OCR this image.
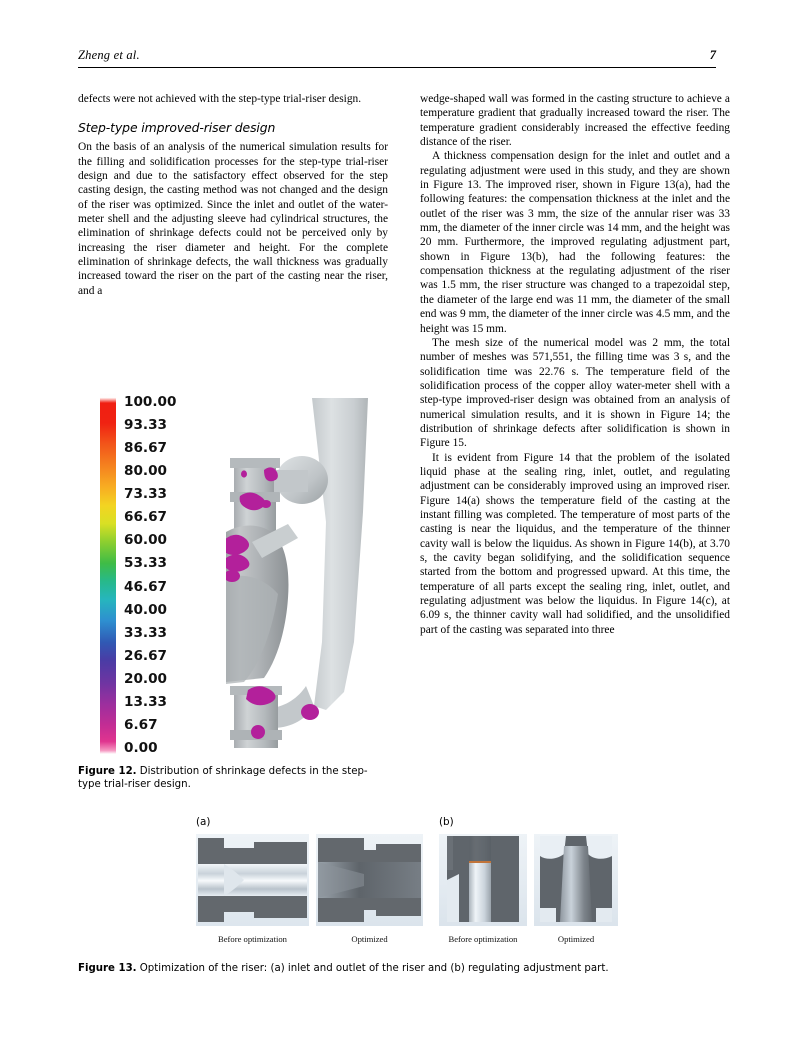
Zheng et al.	7

defects were not achieved with the step-type trial-riser design.

Step-type improved-riser design

On the basis of an analysis of the numerical simulation results for the filling and solidification processes for the step-type trial-riser design and due to the satisfactory effect observed for the step casting design, the casting method was not changed and the design of the riser was optimized. Since the inlet and outlet of the water-meter shell and the adjusting sleeve had cylindrical structures, the elimination of shrinkage defects could not be perceived only by increasing the riser diameter and height. For the complete elimination of shrinkage defects, the wall thickness was gradually increased toward the riser on the part of the casting near the riser, and a

wedge-shaped wall was formed in the casting structure to achieve a temperature gradient that gradually increased toward the riser. The temperature gradient considerably increased the effective feeding distance of the riser.

A thickness compensation design for the inlet and outlet and a regulating adjustment were used in this study, and they are shown in Figure 13. The improved riser, shown in Figure 13(a), had the following features: the compensation thickness at the inlet and the outlet of the riser was 3 mm, the size of the annular riser was 33 mm, the diameter of the inner circle was 14 mm, and the height was 20 mm. Furthermore, the improved regulating adjustment part, shown in Figure 13(b), had the following features: the compensation thickness at the regulating adjustment of the riser was 1.5 mm, the riser structure was changed to a trapezoidal step, the diameter of the large end was 11 mm, the diameter of the small end was 9 mm, the diameter of the inner circle was 4.5 mm, and the height was 15 mm.

The mesh size of the numerical model was 2 mm, the total number of meshes was 571,551, the filling time was 3 s, and the solidification time was 22.76 s. The temperature field of the solidification process of the copper alloy water-meter shell with a step-type improved-riser design was obtained from an analysis of numerical simulation results, and it is shown in Figure 14; the distribution of shrinkage defects after solidification is shown in Figure 15.

It is evident from Figure 14 that the problem of the isolated liquid phase at the sealing ring, inlet, outlet, and regulating adjustment can be considerably improved using an improved riser. Figure 14(a) shows the temperature field of the casting at the instant filling was completed. The temperature of most parts of the casting is near the liquidus, and the temperature of the thinner cavity wall is below the liquidus. As shown in Figure 14(b), at 3.70 s, the cavity began solidifying, and the solidification sequence started from the bottom and progressed upward. At this time, the temperature of all parts except the sealing ring, inlet, outlet, and regulating adjustment was below the liquidus. In Figure 14(c), at 6.09 s, the thinner cavity wall had solidified, and the unsolidified part of the casting was separated into three

100.00
93.33
86.67
80.00
73.33
66.67
60.00
53.33
46.67
40.00
33.33
26.67
20.00
13.33
6.67
0.00
Figure 12. Distribution of shrinkage defects in the step-type trial-riser design.
(a)	(b)
Before optimization	Optimized	Before optimization	Optimized
Figure 13. Optimization of the riser: (a) inlet and outlet of the riser and (b) regulating adjustment part.
